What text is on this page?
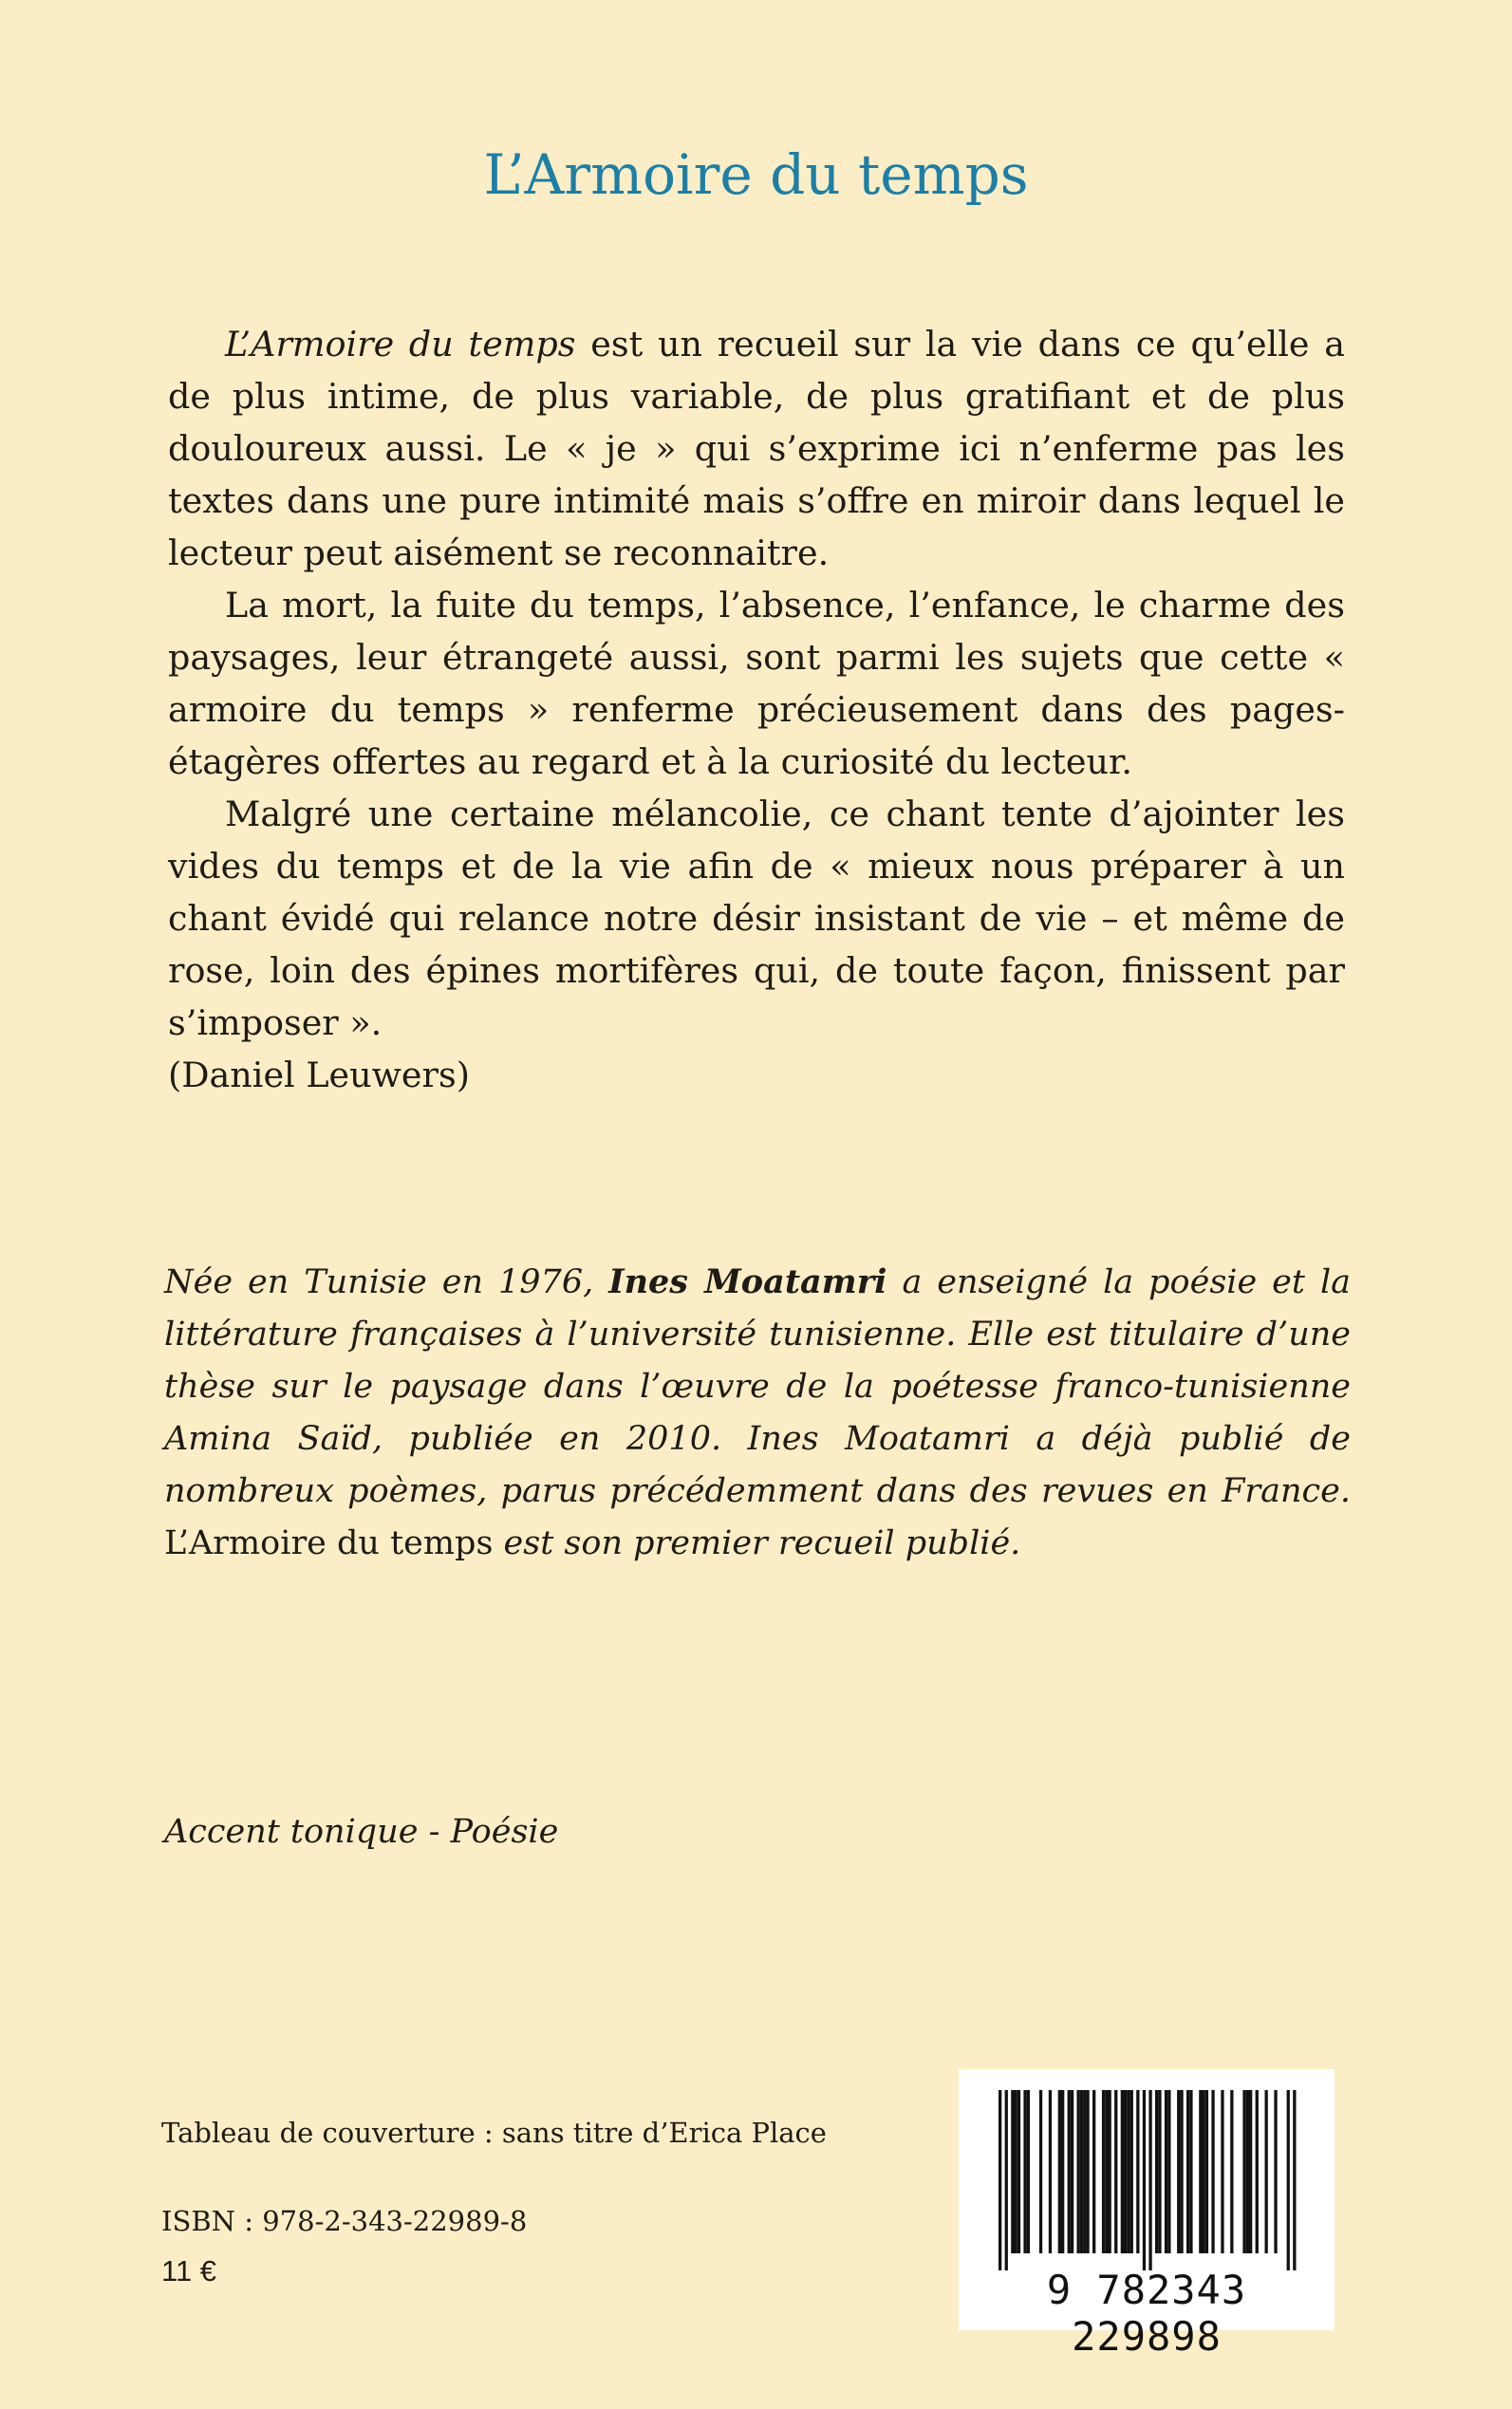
L’Armoire du temps

L’Armoire du temps est un recueil sur la vie dans ce qu’elle a de plus intime, de plus variable, de plus gratifiant et de plus douloureux aussi. Le « je » qui s’exprime ici n’enferme pas les textes dans une pure intimité mais s’offre en miroir dans lequel le lecteur peut aisément se reconnaitre.

La mort, la fuite du temps, l’absence, l’enfance, le charme des paysages, leur étrangeté aussi, sont parmi les sujets que cette « armoire du temps » renferme précieusement dans des pages-étagères offertes au regard et à la curiosité du lecteur.

Malgré une certaine mélancolie, ce chant tente d’ajointer les vides du temps et de la vie afin de « mieux nous préparer à un chant évidé qui relance notre désir insistant de vie – et même de rose, loin des épines mortifères qui, de toute façon, finissent par s’imposer ».

(Daniel Leuwers)

Née en Tunisie en 1976, Ines Moatamri a enseigné la poésie et la littérature françaises à l’université tunisienne. Elle est titulaire d’une thèse sur le paysage dans l’œuvre de la poétesse franco-tunisienne Amina Saïd, publiée en 2010. Ines Moatamri a déjà publié de nombreux poèmes, parus précédemment dans des revues en France. L’Armoire du temps est son premier recueil publié.

Accent tonique - Poésie

Tableau de couverture : sans titre d’Erica Place

ISBN : 978-2-343-22989-8

11 €	9 782343 229898
